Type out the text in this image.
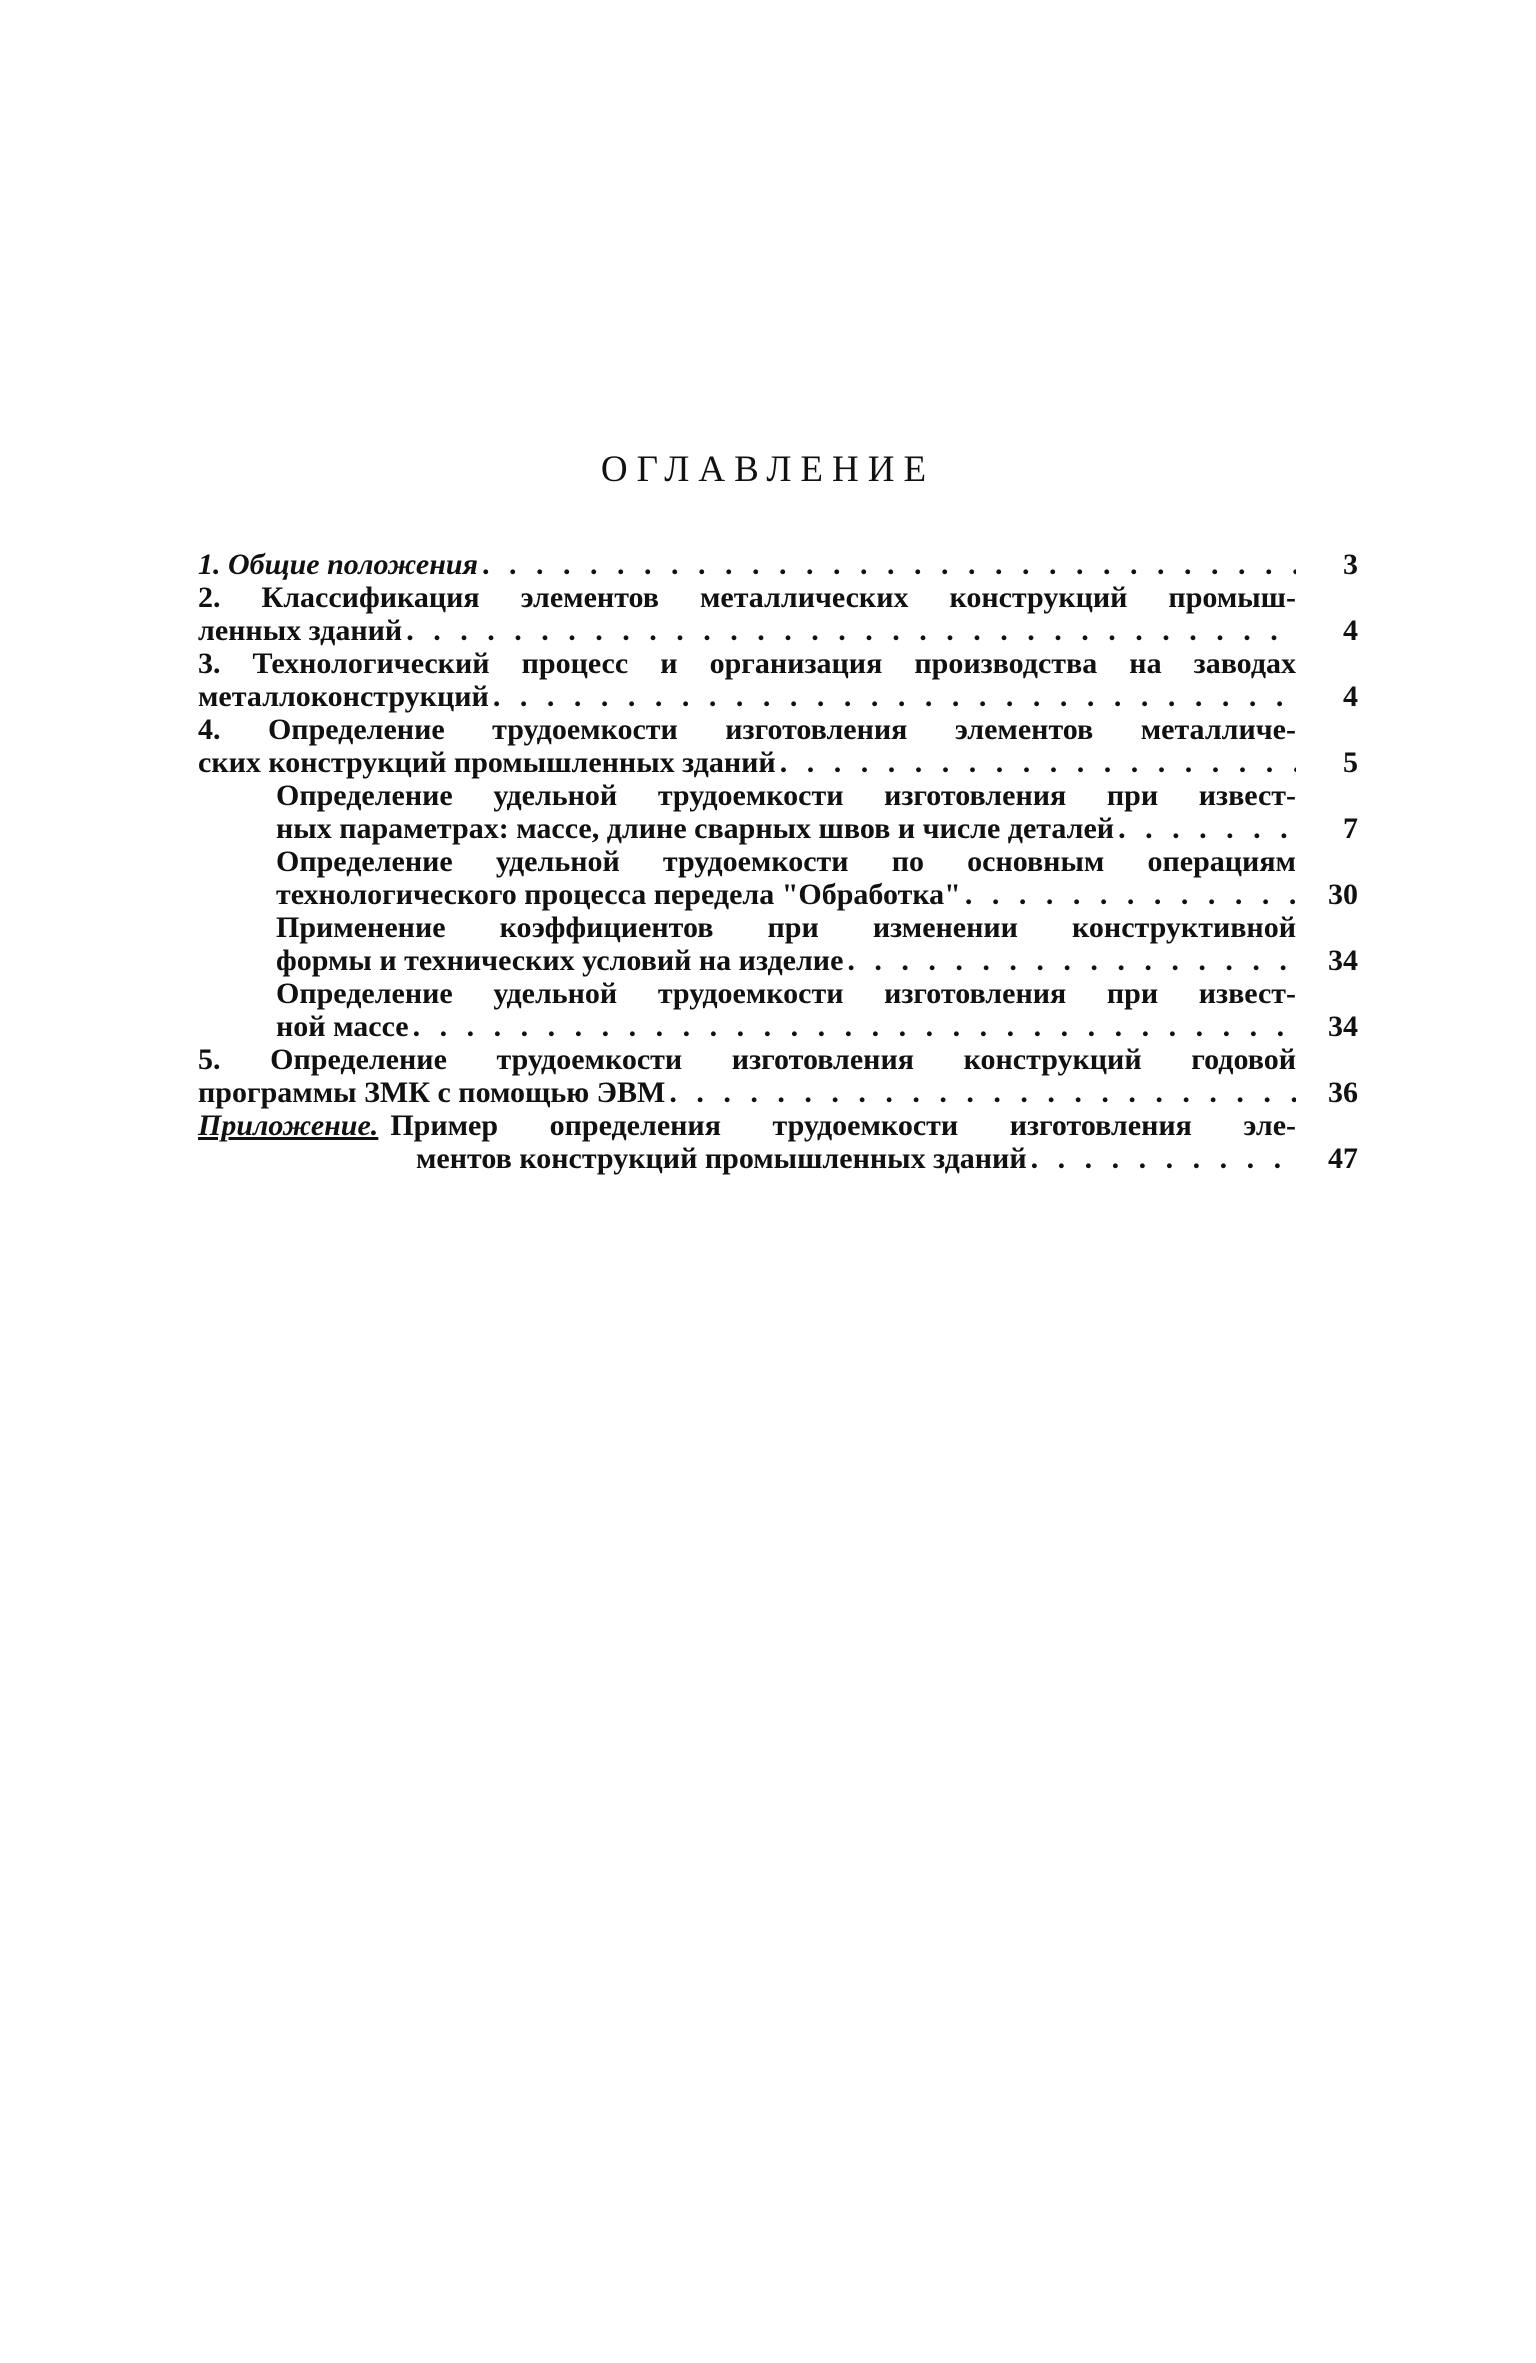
ОГЛАВЛЕНИЕ
1. Общие положения . . .	3
2. Классификация элементов металлических конструкций промыш-
ленных зданий . . .	4
3. Технологический процесс и организация производства на заводах
металлоконструкций . . .	4
4. Определение трудоемкости изготовления элементов металличе-
ских конструкций промышленных зданий . . .	5
Определение удельной трудоемкости изготовления при извест-
ных параметрах: массе, длине сварных швов и числе деталей . . .	7
Определение удельной трудоемкости по основным операциям
технологического процесса передела "Обработка" . . .	30
Применение коэффициентов при изменении конструктивной
формы и технических условий на изделие . . .	34
Определение удельной трудоемкости изготовления при извест-
ной массе . . .	34
5. Определение трудоемкости изготовления конструкций годовой
программы ЗМК с помощью ЭВМ . . .	36
Приложение. Пример определения трудоемкости изготовления эле-
ментов конструкций промышленных зданий . . .	47
